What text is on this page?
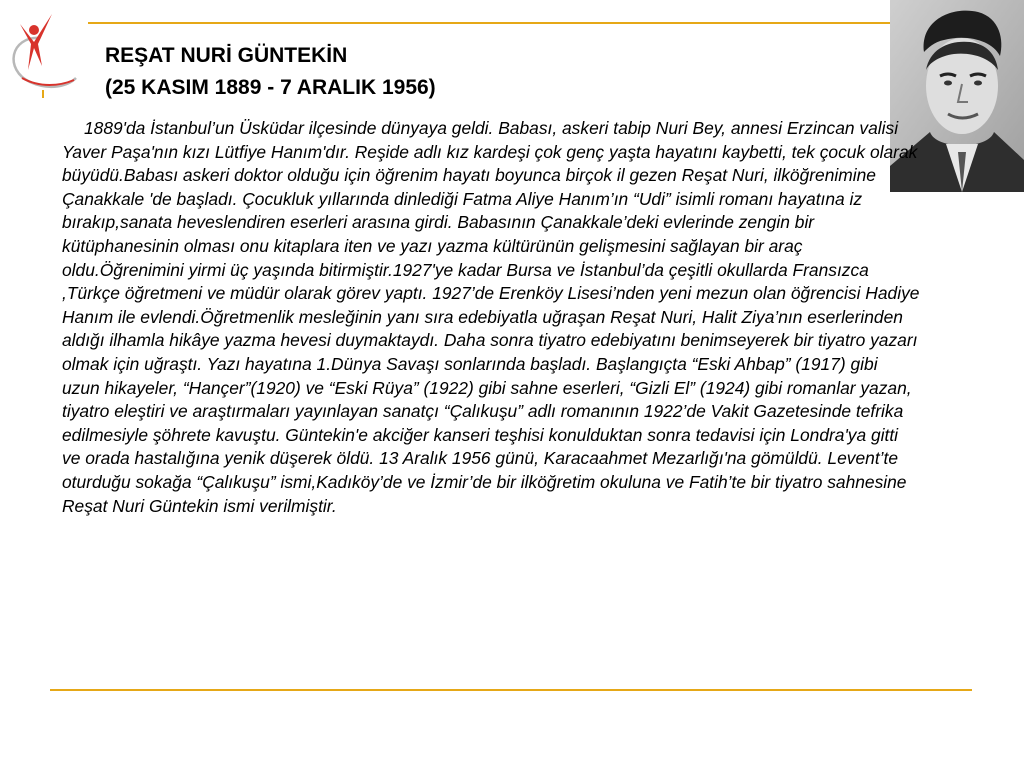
REŞAT NURİ GÜNTEKİN
(25 KASIM 1889 - 7 ARALIK 1956)

1889'da İstanbul’un Üsküdar ilçesinde dünyaya geldi. Babası, askeri tabip Nuri Bey, annesi Erzincan valisi Yaver Paşa'nın kızı Lütfiye Hanım'dır. Reşide adlı kız kardeşi çok genç yaşta hayatını kaybetti, tek çocuk olarak büyüdü.Babası askeri doktor olduğu için öğrenim hayatı boyunca birçok il gezen Reşat Nuri, ilköğrenimine Çanakkale 'de başladı. Çocukluk yıllarında dinlediği Fatma Aliye Hanım’ın “Udi” isimli romanı hayatına iz bırakıp,sanata heveslendiren eserleri arasına girdi. Babasının Çanakkale’deki evlerinde zengin bir kütüphanesinin olması onu kitaplara iten ve yazı yazma kültürünün gelişmesini sağlayan bir araç oldu.Öğrenimini yirmi üç yaşında bitirmiştir.1927'ye kadar Bursa ve İstanbul’da çeşitli okullarda Fransızca ,Türkçe öğretmeni ve müdür olarak görev yaptı. 1927’de Erenköy Lisesi’nden yeni mezun olan öğrencisi Hadiye Hanım ile evlendi.Öğretmenlik mesleğinin yanı sıra edebiyatla uğraşan Reşat Nuri, Halit Ziya’nın eserlerinden aldığı ilhamla hikâye yazma hevesi duymaktaydı. Daha sonra tiyatro edebiyatını benimseyerek bir tiyatro yazarı olmak için uğraştı. Yazı hayatına 1.Dünya Savaşı sonlarında başladı. Başlangıçta “Eski Ahbap” (1917) gibi uzun hikayeler, “Hançer”(1920) ve “Eski Rüya” (1922) gibi sahne eserleri, “Gizli El” (1924) gibi romanlar yazan, tiyatro eleştiri ve araştırmaları yayınlayan sanatçı “Çalıkuşu” adlı romanının 1922’de Vakit Gazetesinde tefrika edilmesiyle şöhrete kavuştu. Güntekin'e akciğer kanseri teşhisi konulduktan sonra tedavisi için Londra'ya gitti ve orada hastalığına yenik düşerek öldü. 13 Aralık 1956 günü, Karacaahmet Mezarlığı'na gömüldü. Levent’te oturduğu sokağa “Çalıkuşu” ismi,Kadıköy’de ve İzmir’de bir ilköğretim okuluna ve Fatih’te bir tiyatro sahnesine Reşat Nuri Güntekin ismi verilmiştir.
